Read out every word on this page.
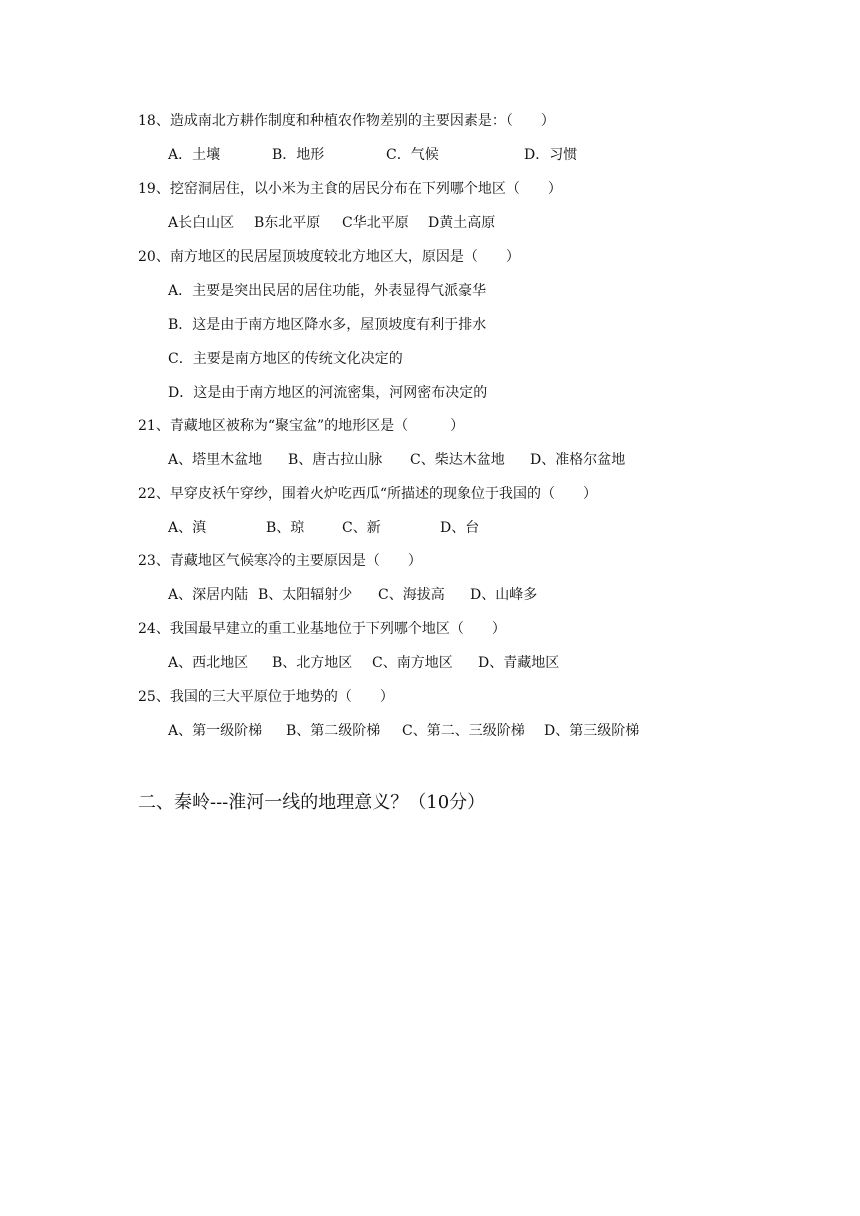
18、造成南北方耕作制度和种植农作物差别的主要因素是：（　　）
A．土壤	B．地形	C．气候	D．习惯
19、挖窑洞居住，以小米为主食的居民分布在下列哪个地区（　　）
A长白山区 B东北平原 C华北平原 D黄土高原
20、南方地区的民居屋顶坡度较北方地区大，原因是（　　）
A．主要是突出民居的居住功能，外表显得气派豪华
B．这是由于南方地区降水多，屋顶坡度有利于排水
C．主要是南方地区的传统文化决定的
D．这是由于南方地区的河流密集，河网密布决定的
21、青藏地区被称为“聚宝盆”的地形区是（　　　）
A、塔里木盆地 B、唐古拉山脉 C、柴达木盆地 D、准格尔盆地
22、早穿皮袄午穿纱，围着火炉吃西瓜“所描述的现象位于我国的（　　）
A、滇	B、琼	C、新	D、台
23、青藏地区气候寒冷的主要原因是（　　）
A、深居内陆 B、太阳辐射少 C、海拔高 D、山峰多
24、我国最早建立的重工业基地位于下列哪个地区（　　）
A、西北地区 B、北方地区 C、南方地区 D、青藏地区
25、我国的三大平原位于地势的（　　）
A、第一级阶梯 B、第二级阶梯 C、第二、三级阶梯 D、第三级阶梯
二、秦岭---淮河一线的地理意义？（10分）
